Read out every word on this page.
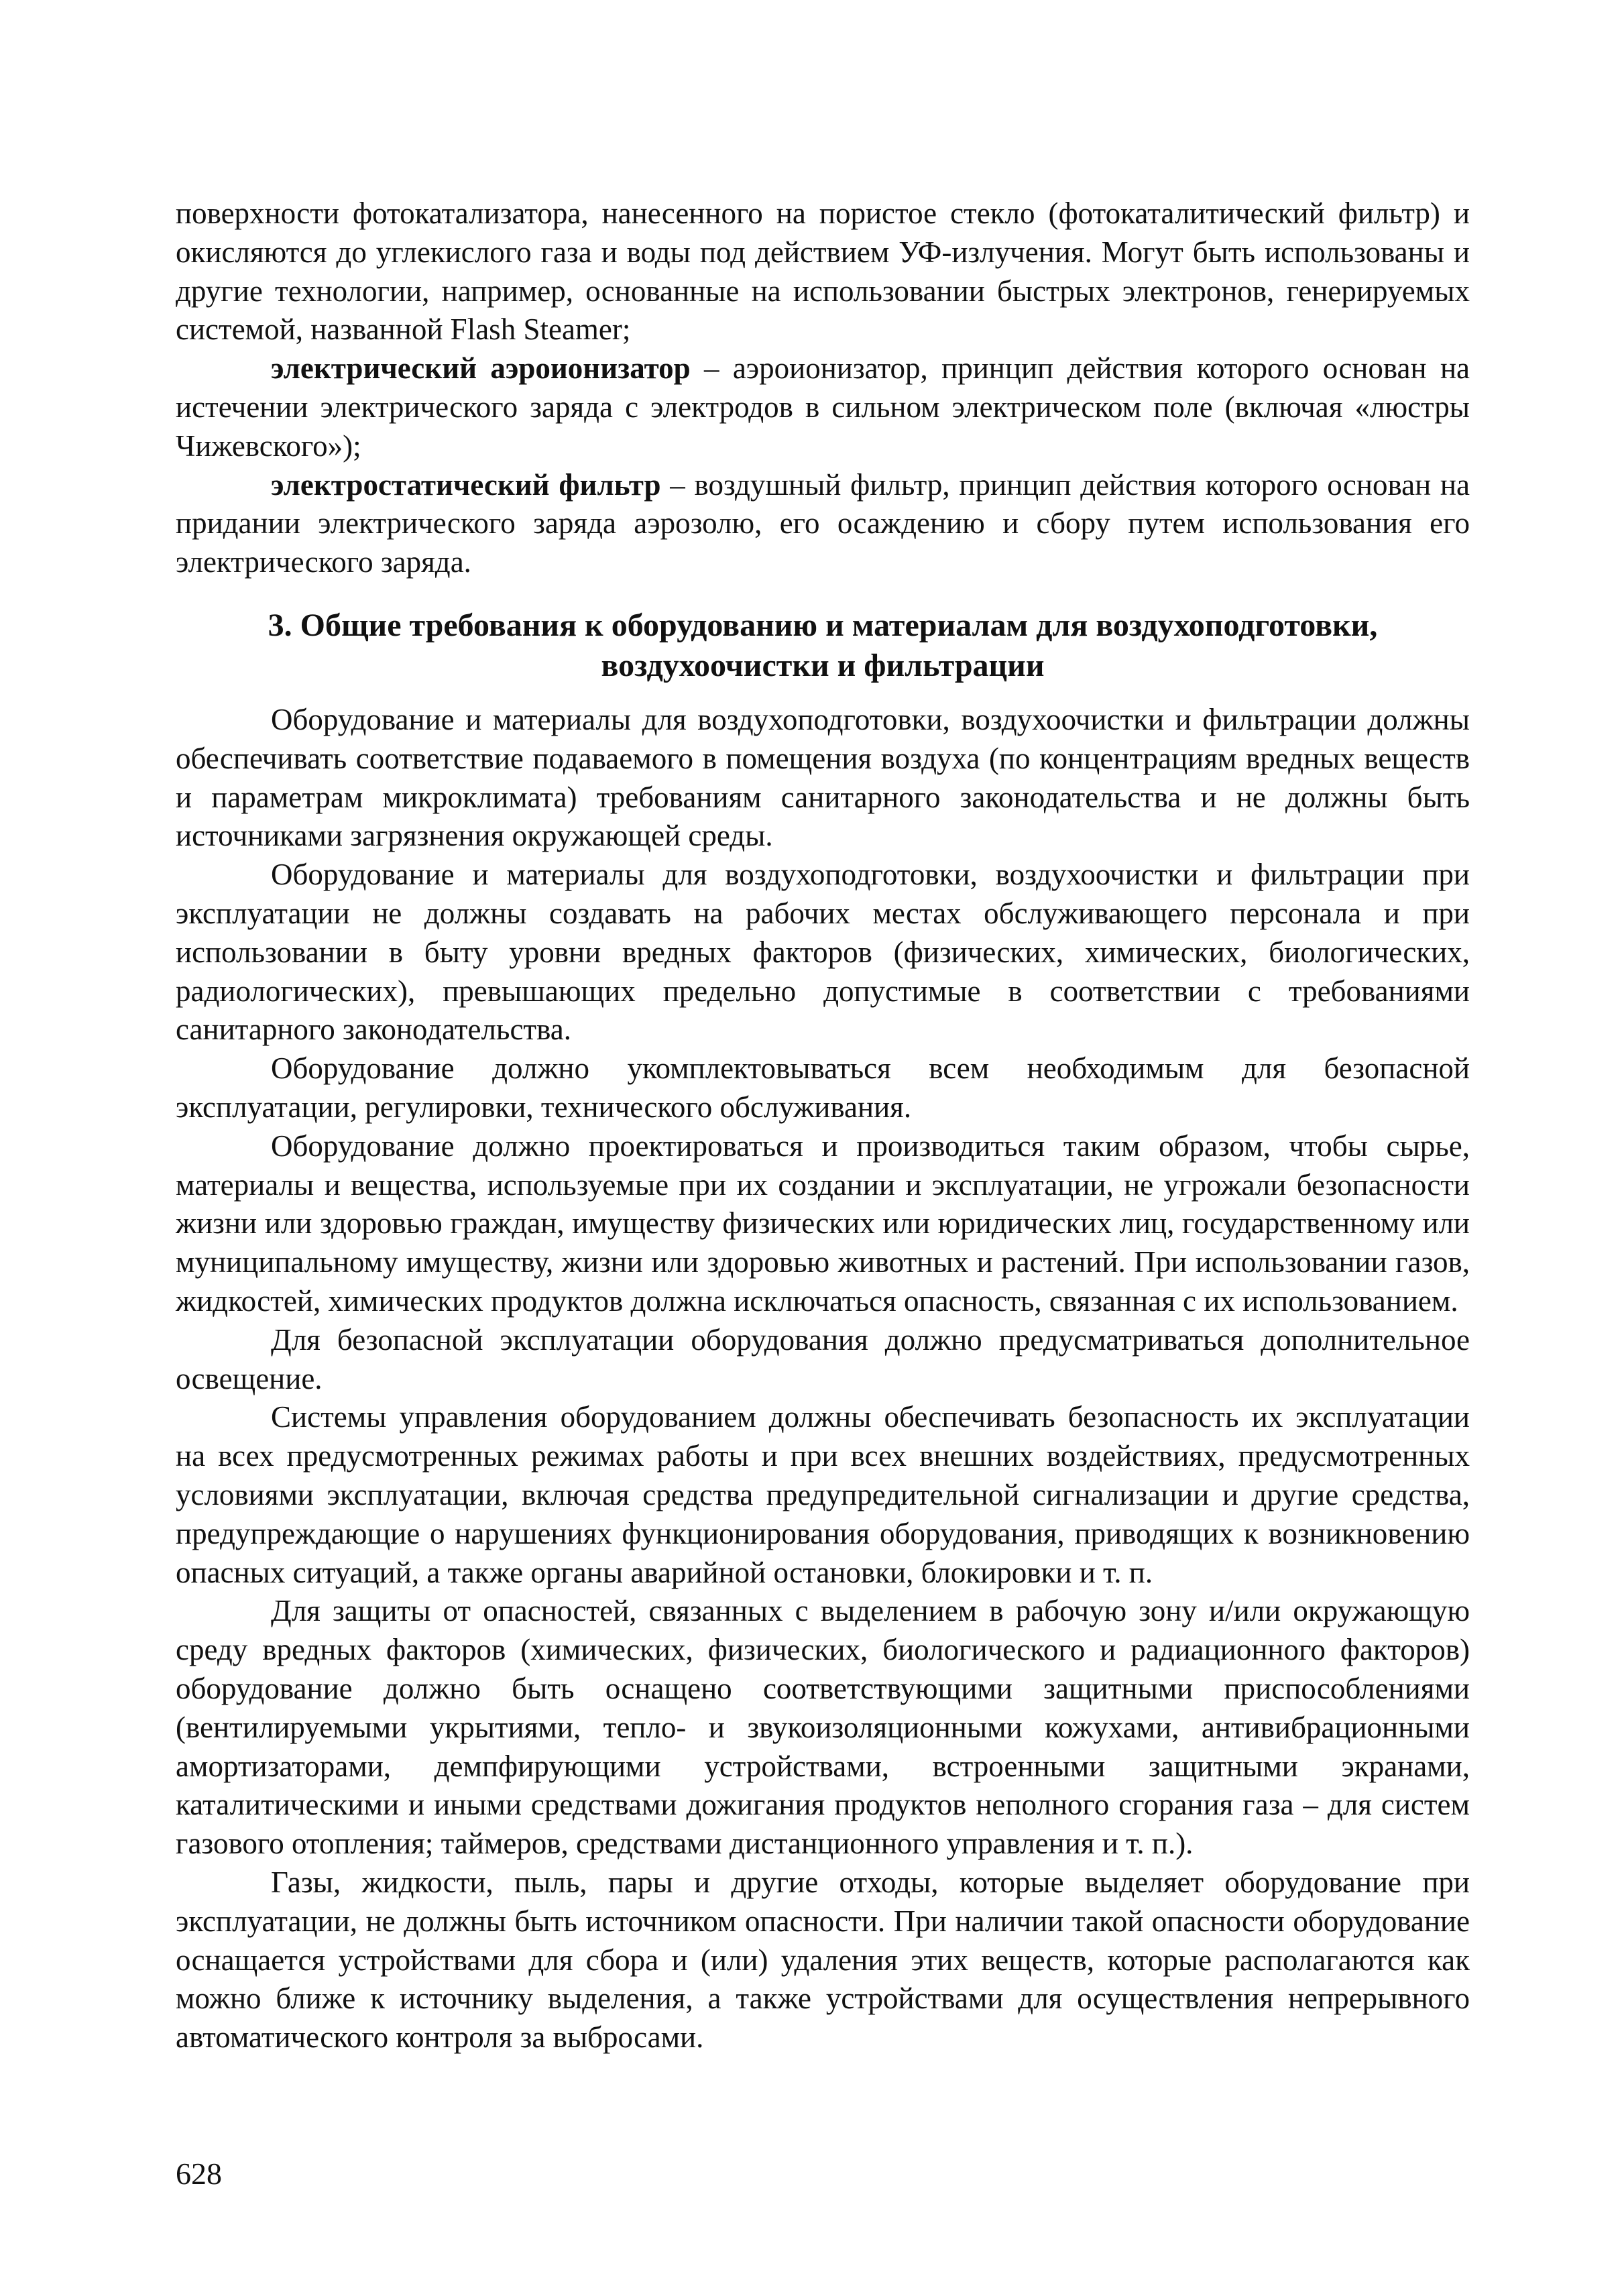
поверхности фотокатализатора, нанесенного на пористое стекло (фотокаталитический фильтр) и окисляются до углекислого газа и воды под действием УФ-излучения. Могут быть использованы и другие технологии, например, основанные на использовании быстрых электронов, генерируемых системой, названной Flash Steamer;

электрический аэроионизатор – аэроионизатор, принцип действия которого основан на истечении электрического заряда с электродов в сильном электрическом поле (включая «люстры Чижевского»);

электростатический фильтр – воздушный фильтр, принцип действия которого основан на придании электрического заряда аэрозолю, его осаждению и сбору путем использования его электрического заряда.

3. Общие требования к оборудованию и материалам для воздухоподготовки,
воздухоочистки и фильтрации

Оборудование и материалы для воздухоподготовки, воздухоочистки и фильтрации должны обеспечивать соответствие подаваемого в помещения воздуха (по концентрациям вредных веществ и параметрам микроклимата) требованиям санитарного законодательства и не должны быть источниками загрязнения окружающей среды.

Оборудование и материалы для воздухоподготовки, воздухоочистки и фильтрации при эксплуатации не должны создавать на рабочих местах обслуживающего персонала и при использовании в быту уровни вредных факторов (физических, химических, биологических, радиологических), превышающих предельно допустимые в соответствии с требованиями санитарного законодательства.

Оборудование должно укомплектовываться всем необходимым для безопасной эксплуатации, регулировки, технического обслуживания.

Оборудование должно проектироваться и производиться таким образом, чтобы сырье, материалы и вещества, используемые при их создании и эксплуатации, не угрожали безопасности жизни или здоровью граждан, имуществу физических или юридических лиц, государственному или муниципальному имуществу, жизни или здоровью животных и растений. При использовании газов, жидкостей, химических продуктов должна исключаться опасность, связанная с их использованием.

Для безопасной эксплуатации оборудования должно предусматриваться дополнительное освещение.

Системы управления оборудованием должны обеспечивать безопасность их эксплуатации на всех предусмотренных режимах работы и при всех внешних воздействиях, предусмотренных условиями эксплуатации, включая средства предупредительной сигнализации и другие средства, предупреждающие о нарушениях функционирования оборудования, приводящих к возникновению опасных ситуаций, а также органы аварийной остановки, блокировки и т. п.

Для защиты от опасностей, связанных с выделением в рабочую зону и/или окружающую среду вредных факторов (химических, физических, биологического и радиационного факторов) оборудование должно быть оснащено соответствующими защитными приспособлениями (вентилируемыми укрытиями, тепло- и звукоизоляционными кожухами, антивибрационными амортизаторами, демпфирующими устройствами, встроенными защитными экранами, каталитическими и иными средствами дожигания продуктов неполного сгорания газа – для систем газового отопления; таймеров, средствами дистанционного управления и т. п.).

Газы, жидкости, пыль, пары и другие отходы, которые выделяет оборудование при эксплуатации, не должны быть источником опасности. При наличии такой опасности оборудование оснащается устройствами для сбора и (или) удаления этих веществ, которые располагаются как можно ближе к источнику выделения, а также устройствами для осуществления непрерывного автоматического контроля за выбросами.

628
